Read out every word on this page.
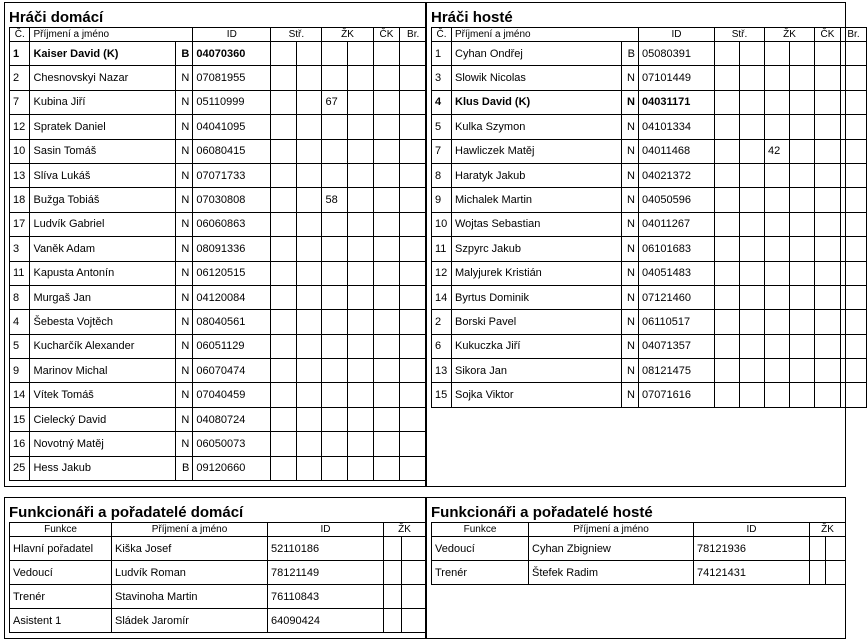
Hráči domácí
Č.	Příjmení a jméno		ID	Stř.		ŽK		ČK	Br.
1	Kaiser David (K)	B	04070360						
2	Chesnovskyi Nazar	N	07081955						
7	Kubina Jiří	N	05110999			67			
12	Spratek Daniel	N	04041095						
10	Sasin Tomáš	N	06080415						
13	Slíva Lukáš	N	07071733						
18	Bužga Tobiáš	N	07030808			58			
17	Ludvík Gabriel	N	06060863						
3	Vaněk Adam	N	08091336						
11	Kapusta Antonín	N	06120515						
8	Murgaš Jan	N	04120084						
4	Šebesta Vojtěch	N	08040561						
5	Kucharčík Alexander	N	06051129						
9	Marinov Michal	N	06070474						
14	Vítek Tomáš	N	07040459						
15	Cielecký David	N	04080724						
16	Novotný Matěj	N	06050073						
25	Hess Jakub	B	09120660						
Hráči hosté
Č.	Příjmení a jméno		ID	Stř.		ŽK		ČK	Br.
1	Cyhan Ondřej	B	05080391						
3	Slowik Nicolas	N	07101449						
4	Klus David (K)	N	04031171						
5	Kulka Szymon	N	04101334						
7	Hawliczek Matěj	N	04011468			42			
8	Haratyk Jakub	N	04021372						
9	Michalek Martin	N	04050596						
10	Wojtas Sebastian	N	04011267						
11	Szpyrc Jakub	N	06101683						
12	Malyjurek Kristián	N	04051483						
14	Byrtus Dominik	N	07121460						
2	Borski Pavel	N	06110517						
6	Kukuczka Jiří	N	04071357						
13	Sikora Jan	N	08121475						
15	Sojka Viktor	N	07071616						
Funkcionáři a pořadatelé domácí
Funkce	Příjmení a jméno	ID	ŽK	
Hlavní pořadatel	Kiška Josef	52110186		
Vedoucí	Ludvík Roman	78121149		
Trenér	Stavinoha Martin	76110843		
Asistent 1	Sládek Jaromír	64090424		
Funkcionáři a pořadatelé hosté
Funkce	Příjmení a jméno	ID	ŽK	
Vedoucí	Cyhan Zbigniew	78121936		
Trenér	Štefek Radim	74121431		
